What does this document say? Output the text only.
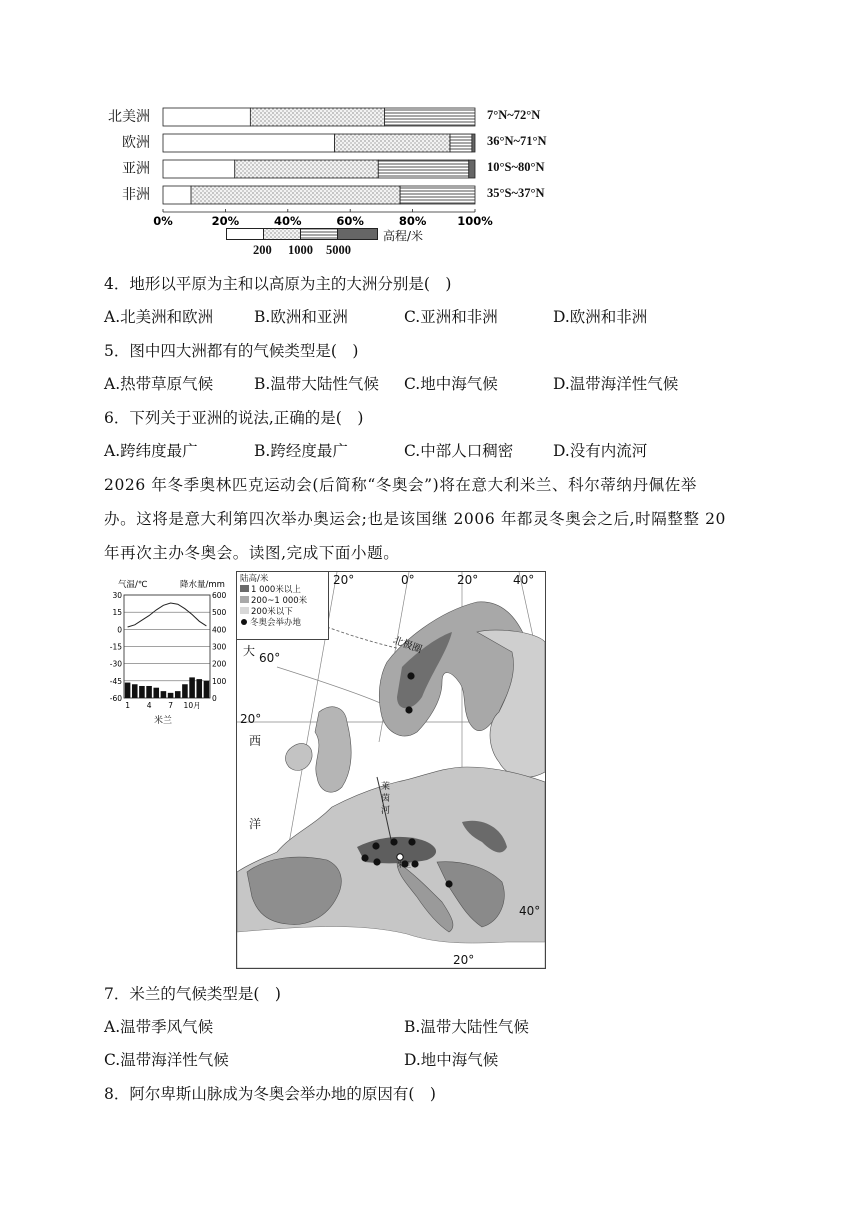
北美洲
欧洲
亚洲
非洲
0%	20%	40%	60%	80%	100%
7°N~72°N
36°N~71°N
10°S~80°N
35°S~37°N
高程/米
200 1000 5000
4．地形以平原为主和以高原为主的大洲分别是(　)
A.北美洲和欧洲	B.欧洲和亚洲	C.亚洲和非洲	D.欧洲和非洲
5．图中四大洲都有的气候类型是(　)
A.热带草原气候	B.温带大陆性气候 C.地中海气候	D.温带海洋性气候
6．下列关于亚洲的说法,正确的是(　)
A.跨纬度最广	B.跨经度最广	C.中部人口稠密	D.没有内流河
2026 年冬季奥林匹克运动会(后简称“冬奥会”)将在意大利米兰、科尔蒂纳丹佩佐举
办。这将是意大利第四次举办奥运会;也是该国继 2006 年都灵冬奥会之后,时隔整整 20
年再次主办冬奥会。读图,完成下面小题。
气温/℃	降水量/mm
30	600
15	500
0	400
-15	300
-30	200
-45	100
-60	0
1 4 7 10月
米兰
陆高/米
1 000米以上
200~1 000米
200米以下
冬奥会举办地
20°	0°	20°	40°
20°
60°
40°
大
西
洋
北极圈
莱
茵
河
米兰
20°
7．米兰的气候类型是(　)
A.温带季风气候	B.温带大陆性气候
C.温带海洋性气候	D.地中海气候
8．阿尔卑斯山脉成为冬奥会举办地的原因有(　)
